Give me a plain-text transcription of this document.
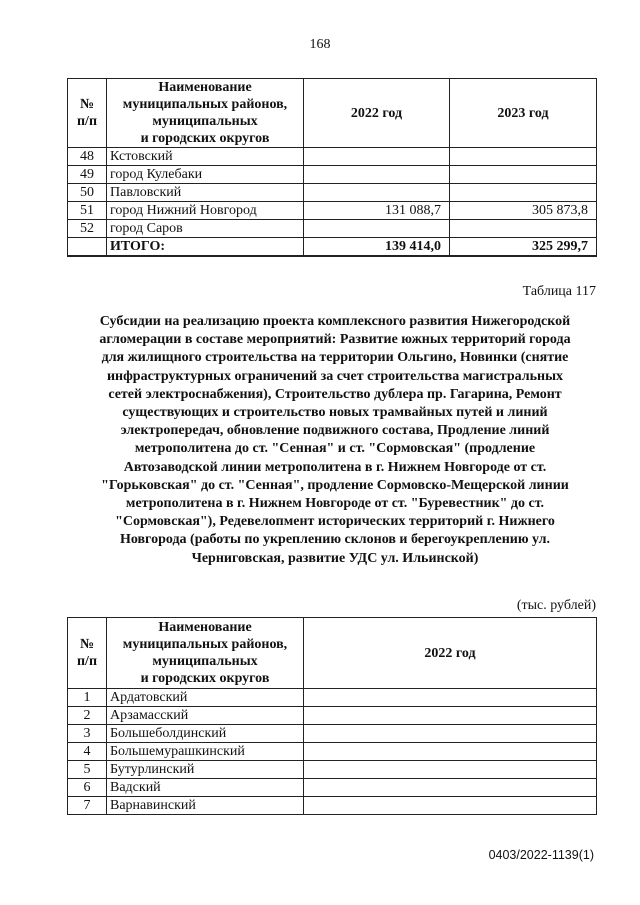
168
№
п/п	Наименование
муниципальных районов,
муниципальных
и городских округов	2022 год	2023 год
48	Кстовский		
49	город Кулебаки		
50	Павловский		
51	город Нижний Новгород	131 088,7	305 873,8
52	город Саров		
	ИТОГО:	139 414,0	325 299,7
Таблица 117
Субсидии на реализацию проекта комплексного развития Нижегородской агломерации в составе мероприятий: Развитие южных территорий города для жилищного строительства на территории Ольгино, Новинки (снятие инфраструктурных ограничений за счет строительства магистральных сетей электроснабжения), Строительство дублера пр. Гагарина, Ремонт существующих и строительство новых трамвайных путей и линий электропередач, обновление подвижного состава, Продление линий метрополитена до ст. "Сенная" и ст. "Сормовская" (продление Автозаводской линии метрополитена в г. Нижнем Новгороде от ст. "Горьковская" до ст. "Сенная", продление Сормовско-Мещерской линии метрополитена в г. Нижнем Новгороде от ст. "Буревестник" до ст. "Сормовская"), Редевелопмент исторических территорий г. Нижнего Новгорода (работы по укреплению склонов и берегоукреплению ул. Черниговская, развитие УДС ул. Ильинской)
(тыс. рублей)
№
п/п	Наименование
муниципальных районов,
муниципальных
и городских округов	2022 год
1	Ардатовский	
2	Арзамасский	
3	Большеболдинский	
4	Большемурашкинский	
5	Бутурлинский	
6	Вадский	
7	Варнавинский	
0403/2022-1139(1)
